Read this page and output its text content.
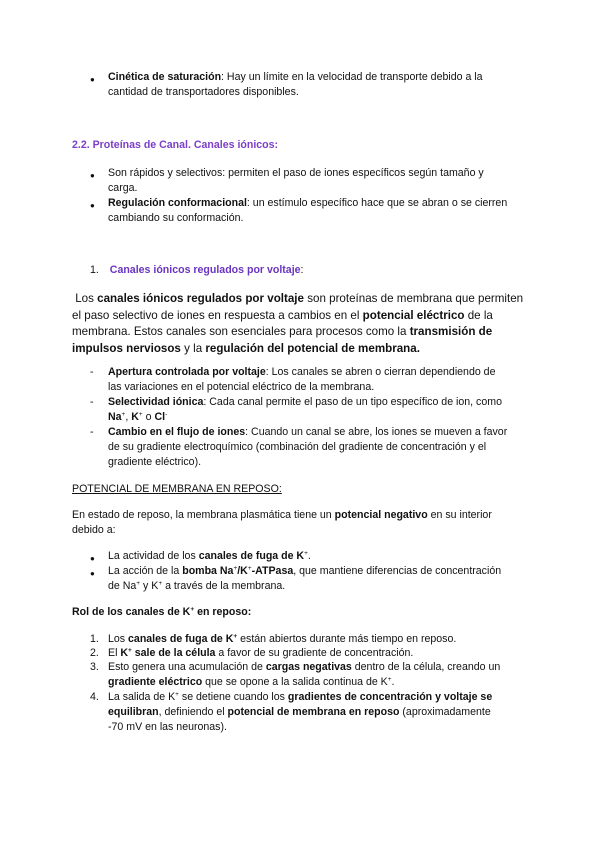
● Cinética de saturación: Hay un límite en la velocidad de transporte debido a la
cantidad de transportadores disponibles.
2.2. Proteínas de Canal. Canales iónicos:
● Son rápidos y selectivos: permiten el paso de iones específicos según tamaño y
carga.
● Regulación conformacional: un estímulo específico hace que se abran o se cierren
cambiando su conformación.
1. Canales iónicos regulados por voltaje:
Los canales iónicos regulados por voltaje son proteínas de membrana que permiten
el paso selectivo de iones en respuesta a cambios en el potencial eléctrico de la
membrana. Estos canales son esenciales para procesos como la transmisión de
impulsos nerviosos y la regulación del potencial de membrana.
- Apertura controlada por voltaje: Los canales se abren o cierran dependiendo de
las variaciones en el potencial eléctrico de la membrana.
- Selectividad iónica: Cada canal permite el paso de un tipo específico de ion, como
Na+, K+ o Cl-
- Cambio en el flujo de iones: Cuando un canal se abre, los iones se mueven a favor
de su gradiente electroquímico (combinación del gradiente de concentración y el
gradiente eléctrico).
POTENCIAL DE MEMBRANA EN REPOSO:
En estado de reposo, la membrana plasmática tiene un potencial negativo en su interior
debido a:
● La actividad de los canales de fuga de K+.
● La acción de la bomba Na+/K+-ATPasa, que mantiene diferencias de concentración
de Na+ y K+ a través de la membrana.
Rol de los canales de K+ en reposo:
1. Los canales de fuga de K+ están abiertos durante más tiempo en reposo.
2. El K+ sale de la célula a favor de su gradiente de concentración.
3. Esto genera una acumulación de cargas negativas dentro de la célula, creando un
gradiente eléctrico que se opone a la salida continua de K+.
4. La salida de K+ se detiene cuando los gradientes de concentración y voltaje se
equilibran, definiendo el potencial de membrana en reposo (aproximadamente
-70 mV en las neuronas).
